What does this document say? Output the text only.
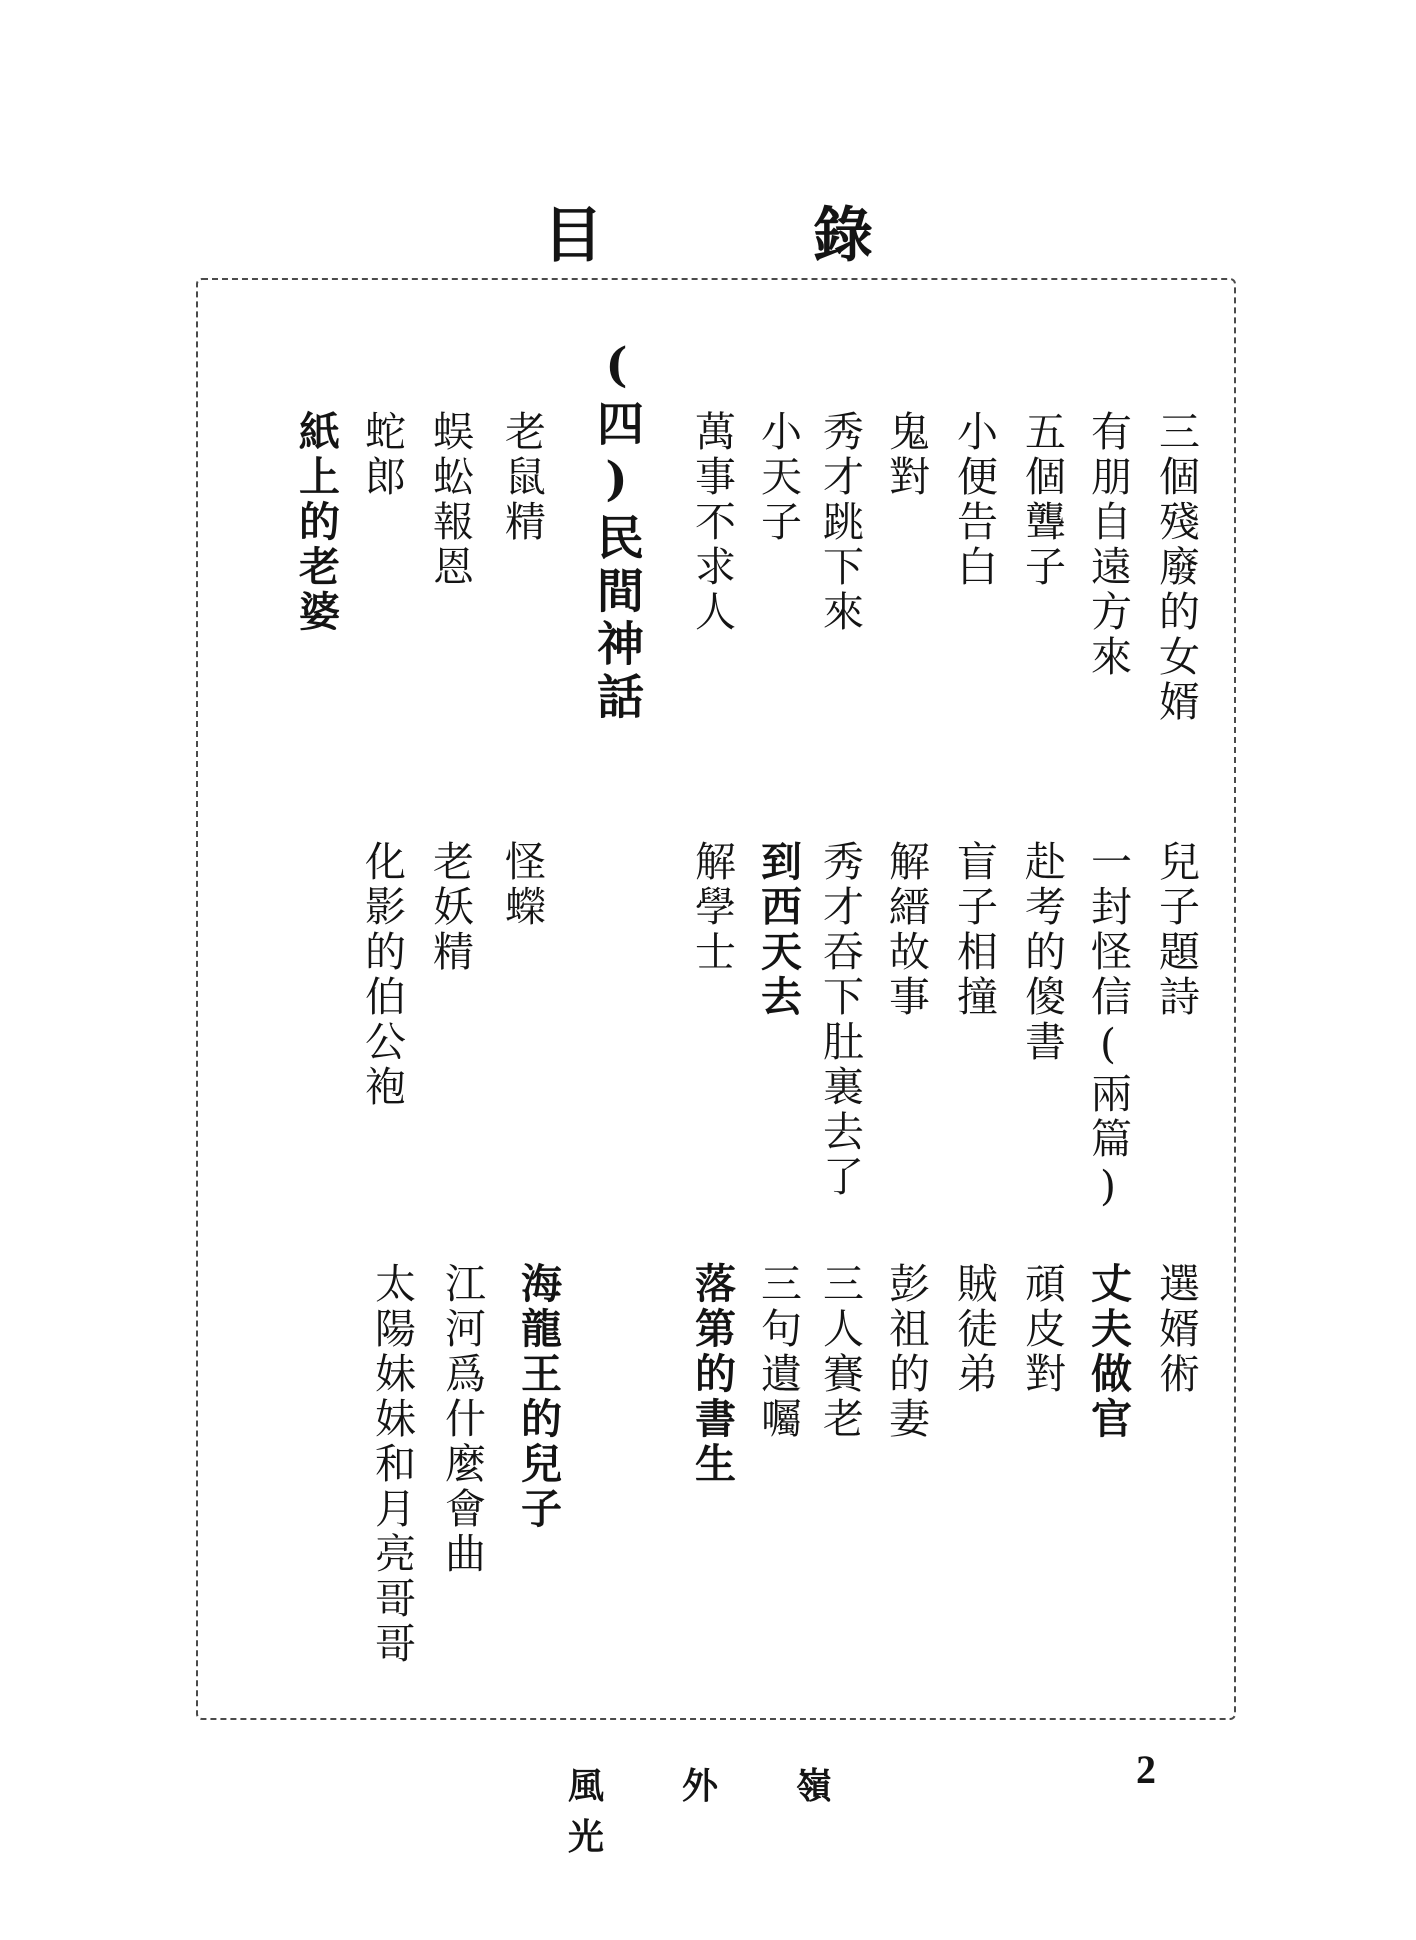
目錄
三個殘廢的女婿
有朋自遠方來
五個聾子
小便告白
鬼對
秀才跳下來
小天子
萬事不求人
(四)民間神話
老鼠精
蜈蚣報恩
蛇郎
紙上的老婆
兒子題詩
一封怪信(兩篇)
赴考的傻書
盲子相撞
解縉故事
秀才吞下肚裏去了
到西天去
解學士
怪蠑
老妖精
化影的伯公袍
選婿術
丈夫做官
頑皮對
賊徒弟
彭祖的妻
三人賽老
三句遺囑
落第的書生
海龍王的兒子
江河爲什麼會曲
太陽妹妹和月亮哥哥
嶺外風光
2
